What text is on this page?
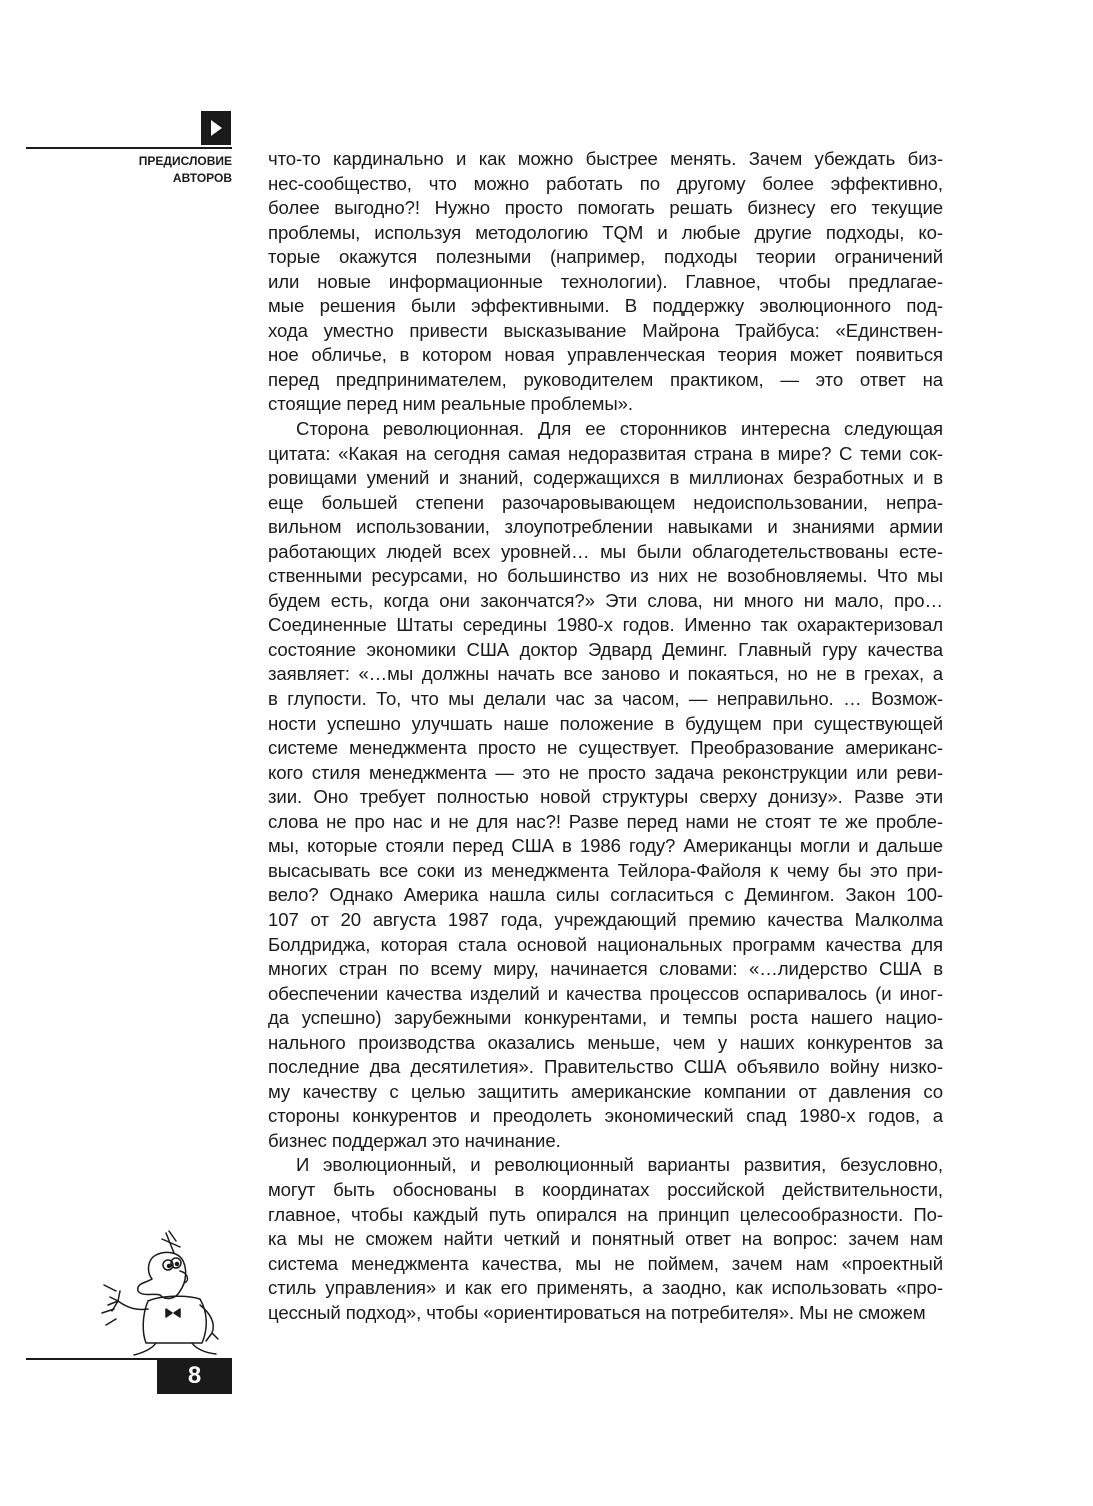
ПРЕДИСЛОВИЕ
АВТОРОВ
что-то кардинально и как можно быстрее менять. Зачем убеждать биз-
нес-сообщество, что можно работать по другому более эффективно,
более выгодно?! Нужно просто помогать решать бизнесу его текущие
проблемы, используя методологию TQM и любые другие подходы, ко-
торые окажутся полезными (например, подходы теории ограничений
или новые информационные технологии). Главное, чтобы предлагае-
мые решения были эффективными. В поддержку эволюционного под-
хода уместно привести высказывание Майрона Трайбуса: «Единствен-
ное обличье, в котором новая управленческая теория может появиться
перед предпринимателем, руководителем практиком, — это ответ на
стоящие перед ним реальные проблемы».
Сторона революционная. Для ее сторонников интересна следующая
цитата: «Какая на сегодня самая недоразвитая страна в мире? С теми сок-
ровищами умений и знаний, содержащихся в миллионах безработных и в
еще большей степени разочаровывающем недоиспользовании, непра-
вильном использовании, злоупотреблении навыками и знаниями армии
работающих людей всех уровней… мы были облагодетельствованы есте-
ственными ресурсами, но большинство из них не возобновляемы. Что мы
будем есть, когда они закончатся?» Эти слова, ни много ни мало, про…
Соединенные Штаты середины 1980-х годов. Именно так охарактеризовал
состояние экономики США доктор Эдвард Деминг. Главный гуру качества
заявляет: «…мы должны начать все заново и покаяться, но не в грехах, а
в глупости. То, что мы делали час за часом, — неправильно. … Возмож-
ности успешно улучшать наше положение в будущем при существующей
системе менеджмента просто не существует. Преобразование американс-
кого стиля менеджмента — это не просто задача реконструкции или реви-
зии. Оно требует полностью новой структуры сверху донизу». Разве эти
слова не про нас и не для нас?! Разве перед нами не стоят те же пробле-
мы, которые стояли перед США в 1986 году? Американцы могли и дальше
высасывать все соки из менеджмента Тейлора-Файоля к чему бы это при-
вело? Однако Америка нашла силы согласиться с Демингом. Закон 100-
107 от 20 августа 1987 года, учреждающий премию качества Малколма
Болдриджа, которая стала основой национальных программ качества для
многих стран по всему миру, начинается словами: «…лидерство США в
обеспечении качества изделий и качества процессов оспаривалось (и иног-
да успешно) зарубежными конкурентами, и темпы роста нашего нацио-
нального производства оказались меньше, чем у наших конкурентов за
последние два десятилетия». Правительство США объявило войну низко-
му качеству с целью защитить американские компании от давления со
стороны конкурентов и преодолеть экономический спад 1980-х годов, а
бизнес поддержал это начинание.
И эволюционный, и революционный варианты развития, безусловно,
могут быть обоснованы в координатах российской действительности,
главное, чтобы каждый путь опирался на принцип целесообразности. По-
ка мы не сможем найти четкий и понятный ответ на вопрос: зачем нам
система менеджмента качества, мы не поймем, зачем нам «проектный
стиль управления» и как его применять, а заодно, как использовать «про-
цессный подход», чтобы «ориентироваться на потребителя». Мы не сможем
8
